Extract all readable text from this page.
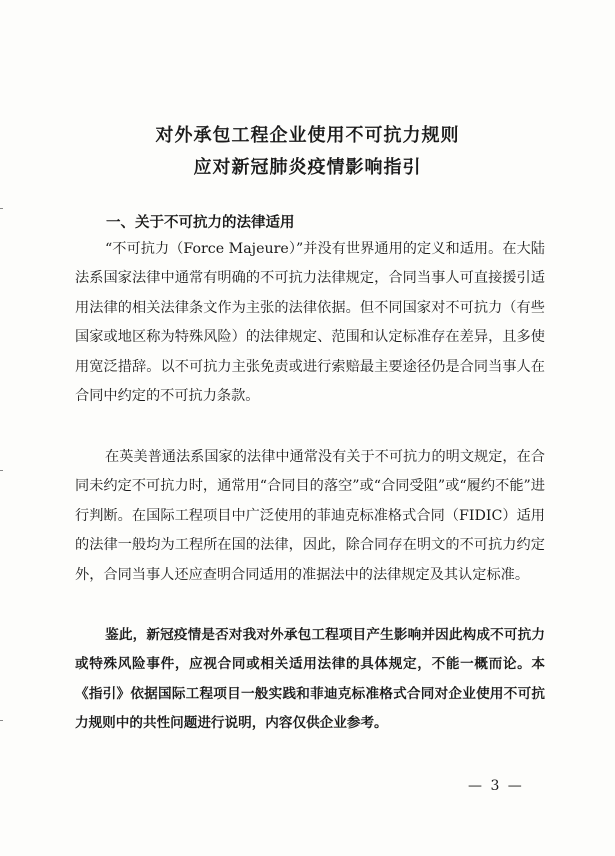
对外承包工程企业使用不可抗力规则
应对新冠肺炎疫情影响指引
一、关于不可抗力的法律适用

“不可抗力（Force Majeure）”并没有世界通用的定义和适用。在大陆法系国家法律中通常有明确的不可抗力法律规定，合同当事人可直接援引适用法律的相关法律条文作为主张的法律依据。但不同国家对不可抗力（有些国家或地区称为特殊风险）的法律规定、范围和认定标准存在差异，且多使用宽泛措辞。以不可抗力主张免责或进行索赔最主要途径仍是合同当事人在合同中约定的不可抗力条款。

在英美普通法系国家的法律中通常没有关于不可抗力的明文规定，在合同未约定不可抗力时，通常用“合同目的落空”或“合同受阻”或“履约不能”进行判断。在国际工程项目中广泛使用的菲迪克标准格式合同（FIDIC）适用的法律一般均为工程所在国的法律，因此，除合同存在明文的不可抗力约定外，合同当事人还应查明合同适用的准据法中的法律规定及其认定标准。

鉴此，新冠疫情是否对我对外承包工程项目产生影响并因此构成不可抗力或特殊风险事件，应视合同或相关适用法律的具体规定，不能一概而论。本《指引》依据国际工程项目一般实践和菲迪克标准格式合同对企业使用不可抗力规则中的共性问题进行说明，内容仅供企业参考。

— 3 —
